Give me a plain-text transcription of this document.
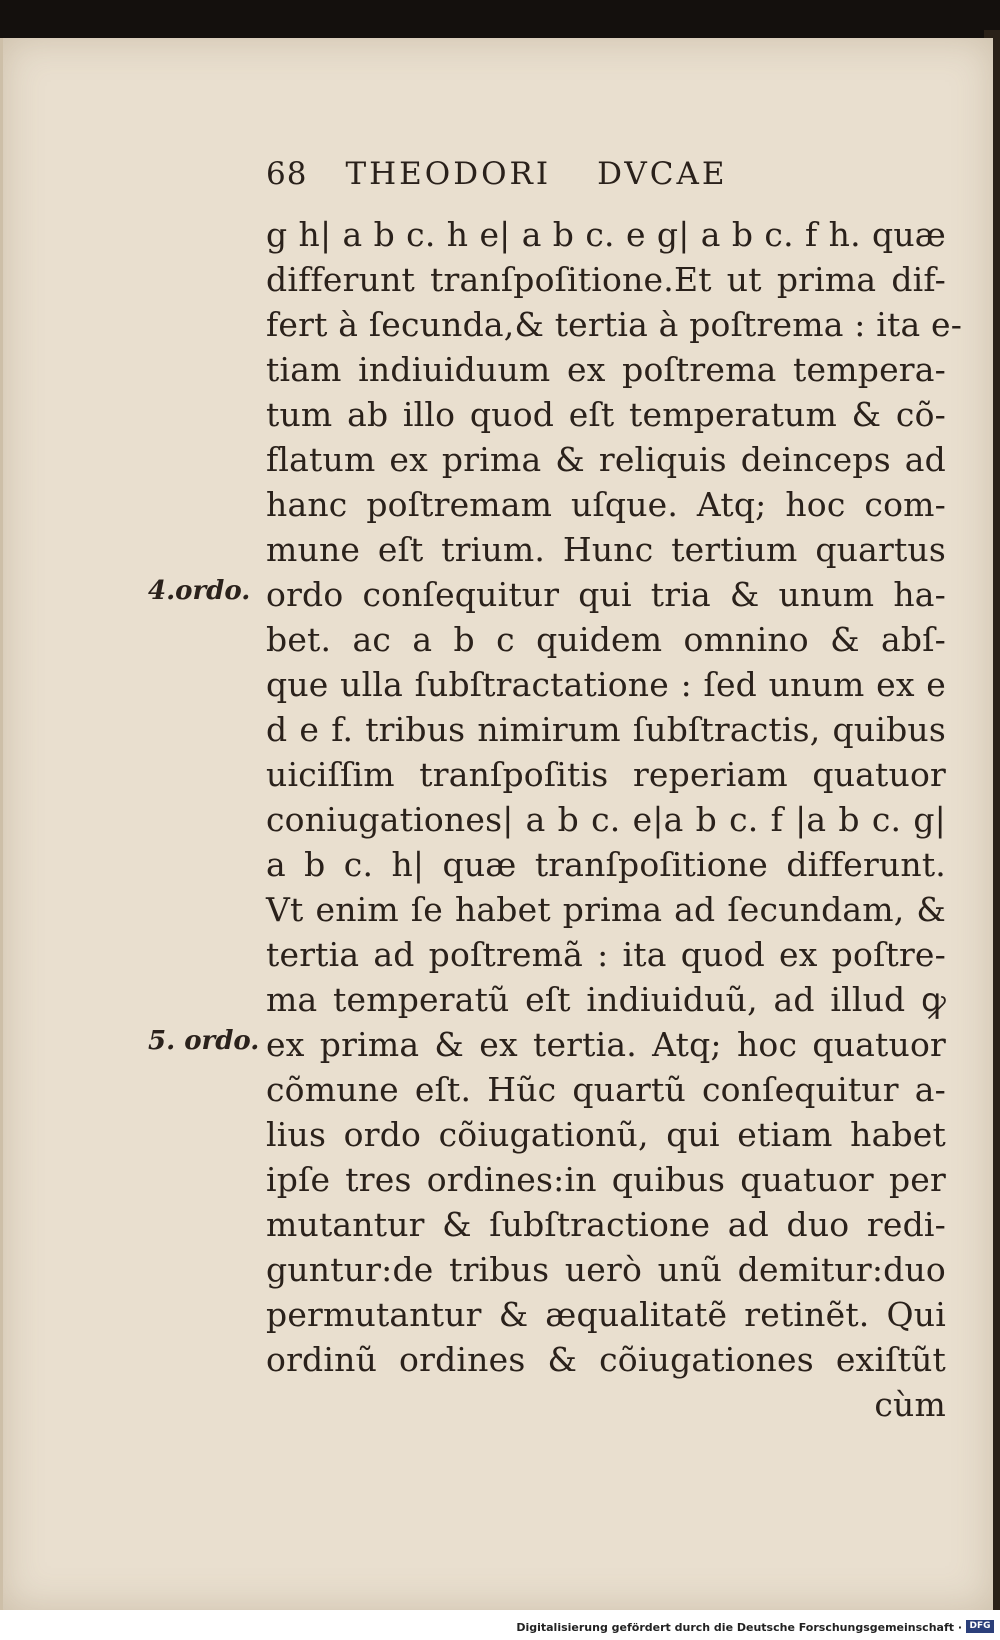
68 THEODORI DVCAE
g h| a b c. h e| a b c. e g| a b c. f h. quæ
differunt tranſpoſitione.Et ut prima dif-
fert à ſecunda,& tertia à poſtrema : ita e-
tiam indiuiduum ex poſtrema tempera-
tum ab illo quod eſt temperatum & cõ-
flatum ex prima & reliquis deinceps ad
hanc poſtremam uſque. Atq; hoc com-
mune eſt trium. Hunc tertium quartus
ordo conſequitur qui tria & unum ha-
bet. ac a b c quidem omnino & abſ-
que ulla ſubſtractatione : ſed unum ex e
d e f. tribus nimirum ſubſtractis, quibus
uiciſſim tranſpoſitis reperiam quatuor
coniugationes| a b c. e|a b c. f |a b c. g|
a b c. h| quæ tranſpoſitione differunt.
Vt enim ſe habet prima ad ſecundam, &
tertia ad poſtremã : ita quod ex poſtre-
ma temperatũ eſt indiuiduũ, ad illud ꝙ
ex prima & ex tertia. Atq; hoc quatuor
cõmune eſt. Hũc quartũ conſequitur a-
lius ordo cõiugationũ, qui etiam habet
ipſe tres ordines:in quibus quatuor per
mutantur & ſubſtractione ad duo redi-
guntur:de tribus uerò unũ demitur:duo
permutantur & æqualitatẽ retinẽt. Qui
ordinũ ordines & cõiugationes exiſtũt
cùm
4.ordo.
5. ordo.
Digitalisierung gefördert durch die Deutsche Forschungsgemeinschaft · DFG
